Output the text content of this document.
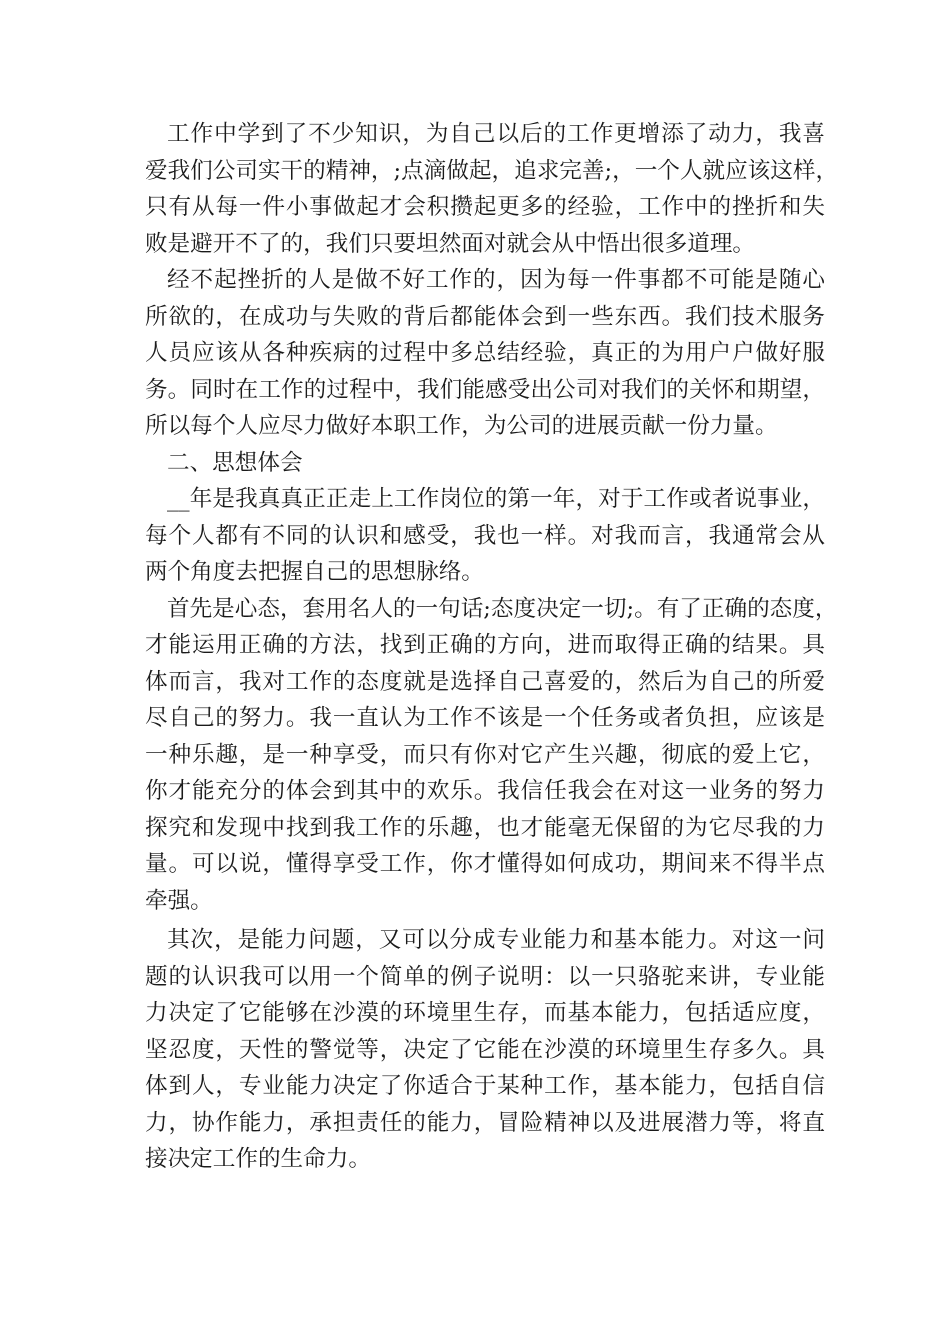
工作中学到了不少知识，为自己以后的工作更增添了动力，我喜
爱我们公司实干的精神，;点滴做起，追求完善;，一个人就应该这样，
只有从每一件小事做起才会积攒起更多的经验，工作中的挫折和失
败是避开不了的，我们只要坦然面对就会从中悟出很多道理。
经不起挫折的人是做不好工作的，因为每一件事都不可能是随心
所欲的，在成功与失败的背后都能体会到一些东西。我们技术服务
人员应该从各种疾病的过程中多总结经验，真正的为用户户做好服
务。同时在工作的过程中，我们能感受出公司对我们的关怀和期望，
所以每个人应尽力做好本职工作，为公司的进展贡献一份力量。
二、思想体会
__年是我真真正正走上工作岗位的第一年，对于工作或者说事业，
每个人都有不同的认识和感受，我也一样。对我而言，我通常会从
两个角度去把握自己的思想脉络。
首先是心态，套用名人的一句话;态度决定一切;。有了正确的态度，
才能运用正确的方法，找到正确的方向，进而取得正确的结果。具
体而言，我对工作的态度就是选择自己喜爱的，然后为自己的所爱
尽自己的努力。我一直认为工作不该是一个任务或者负担，应该是
一种乐趣，是一种享受，而只有你对它产生兴趣，彻底的爱上它，
你才能充分的体会到其中的欢乐。我信任我会在对这一业务的努力
探究和发现中找到我工作的乐趣，也才能毫无保留的为它尽我的力
量。可以说，懂得享受工作，你才懂得如何成功，期间来不得半点
牵强。
其次，是能力问题，又可以分成专业能力和基本能力。对这一问
题的认识我可以用一个简单的例子说明：以一只骆驼来讲，专业能
力决定了它能够在沙漠的环境里生存，而基本能力，包括适应度，
坚忍度，天性的警觉等，决定了它能在沙漠的环境里生存多久。具
体到人，专业能力决定了你适合于某种工作，基本能力，包括自信
力，协作能力，承担责任的能力，冒险精神以及进展潜力等，将直
接决定工作的生命力。
